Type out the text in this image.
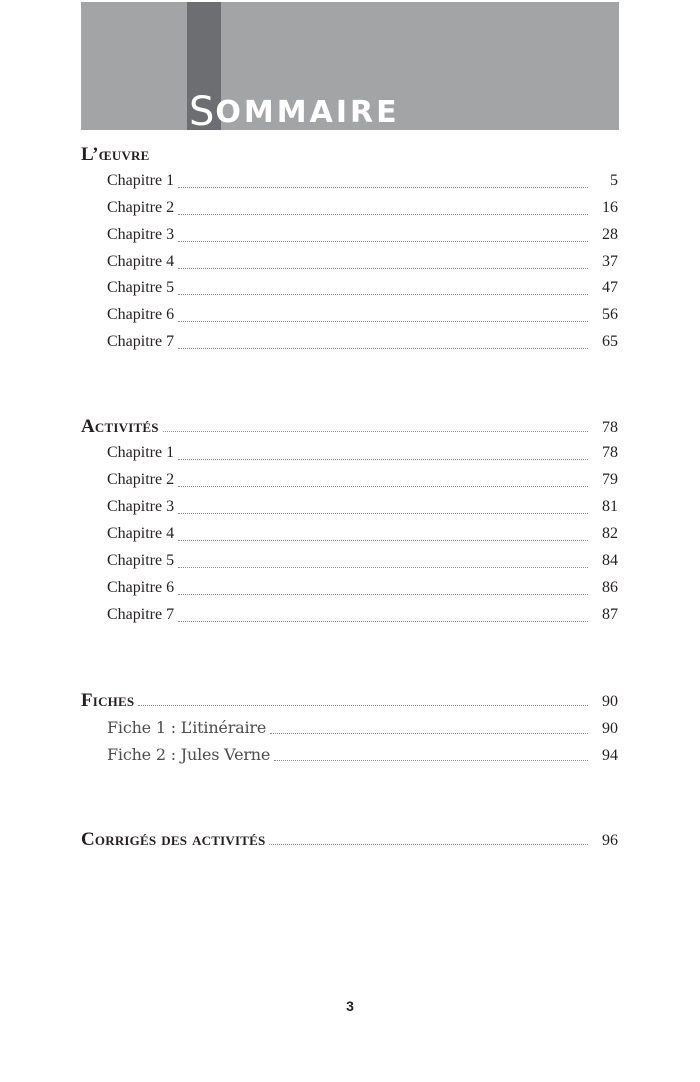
SOMMAIRE
L’œuvre
Chapitre 1	5
Chapitre 2	16
Chapitre 3	28
Chapitre 4	37
Chapitre 5	47
Chapitre 6	56
Chapitre 7	65
Activités	78
Chapitre 1	78
Chapitre 2	79
Chapitre 3	81
Chapitre 4	82
Chapitre 5	84
Chapitre 6	86
Chapitre 7	87
Fiches	90
Fiche 1 : L’itinéraire	90
Fiche 2 : Jules Verne	94
Corrigés des activités	96
3
